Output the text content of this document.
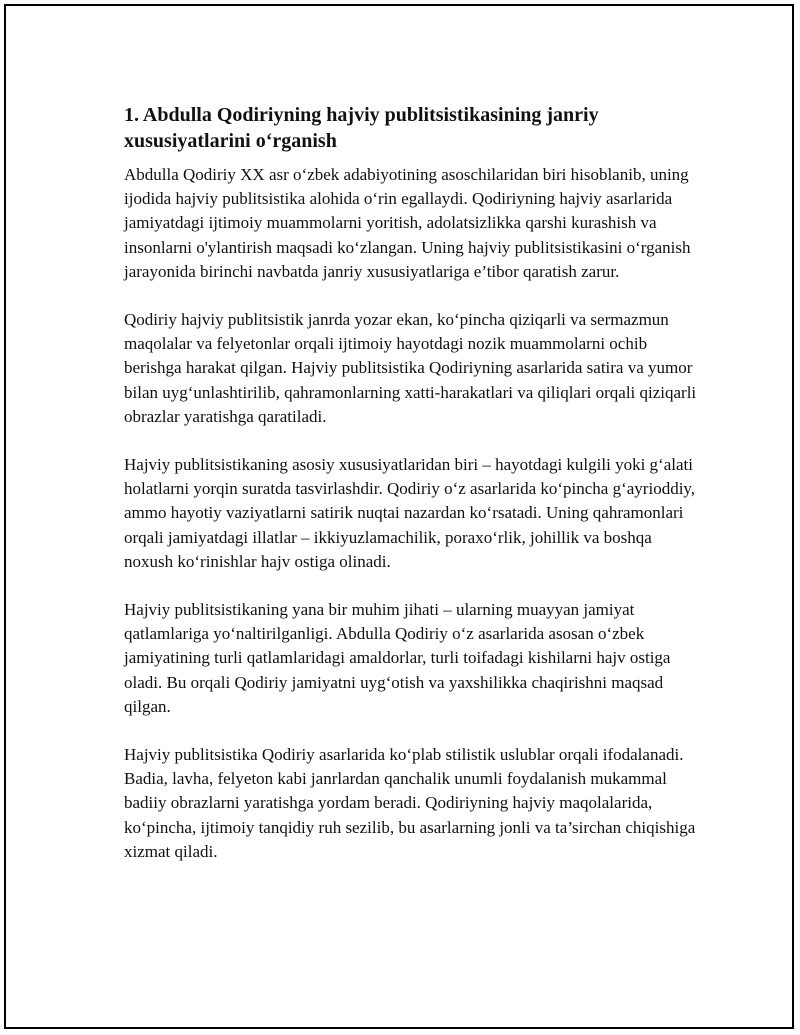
1. Abdulla Qodiriyning hajviy publitsistikasining janriy xususiyatlarini o‘rganish

Abdulla Qodiriy XX asr o‘zbek adabiyotining asoschilaridan biri hisoblanib, uning ijodida hajviy publitsistika alohida o‘rin egallaydi. Qodiriyning hajviy asarlarida jamiyatdagi ijtimoiy muammolarni yoritish, adolatsizlikka qarshi kurashish va insonlarni o'ylantirish maqsadi ko‘zlangan. Uning hajviy publitsistikasini o‘rganish jarayonida birinchi navbatda janriy xususiyatlariga e’tibor qaratish zarur.

Qodiriy hajviy publitsistik janrda yozar ekan, ko‘pincha qiziqarli va sermazmun maqolalar va felyetonlar orqali ijtimoiy hayotdagi nozik muammolarni ochib berishga harakat qilgan. Hajviy publitsistika Qodiriyning asarlarida satira va yumor bilan uyg‘unlashtirilib, qahramonlarning xatti-harakatlari va qiliqlari orqali qiziqarli obrazlar yaratishga qaratiladi.

Hajviy publitsistikaning asosiy xususiyatlaridan biri – hayotdagi kulgili yoki g‘alati holatlarni yorqin suratda tasvirlashdir. Qodiriy o‘z asarlarida ko‘pincha g‘ayrioddiy, ammo hayotiy vaziyatlarni satirik nuqtai nazardan ko‘rsatadi. Uning qahramonlari orqali jamiyatdagi illatlar – ikkiyuzlamachilik, poraxo‘rlik, johillik va boshqa noxush ko‘rinishlar hajv ostiga olinadi.

Hajviy publitsistikaning yana bir muhim jihati – ularning muayyan jamiyat qatlamlariga yo‘naltirilganligi. Abdulla Qodiriy o‘z asarlarida asosan o‘zbek jamiyatining turli qatlamlaridagi amaldorlar, turli toifadagi kishilarni hajv ostiga oladi. Bu orqali Qodiriy jamiyatni uyg‘otish va yaxshilikka chaqirishni maqsad qilgan.

Hajviy publitsistika Qodiriy asarlarida ko‘plab stilistik uslublar orqali ifodalanadi. Badia, lavha, felyeton kabi janrlardan qanchalik unumli foydalanish mukammal badiiy obrazlarni yaratishga yordam beradi. Qodiriyning hajviy maqolalarida, ko‘pincha, ijtimoiy tanqidiy ruh sezilib, bu asarlarning jonli va ta’sirchan chiqishiga xizmat qiladi.
